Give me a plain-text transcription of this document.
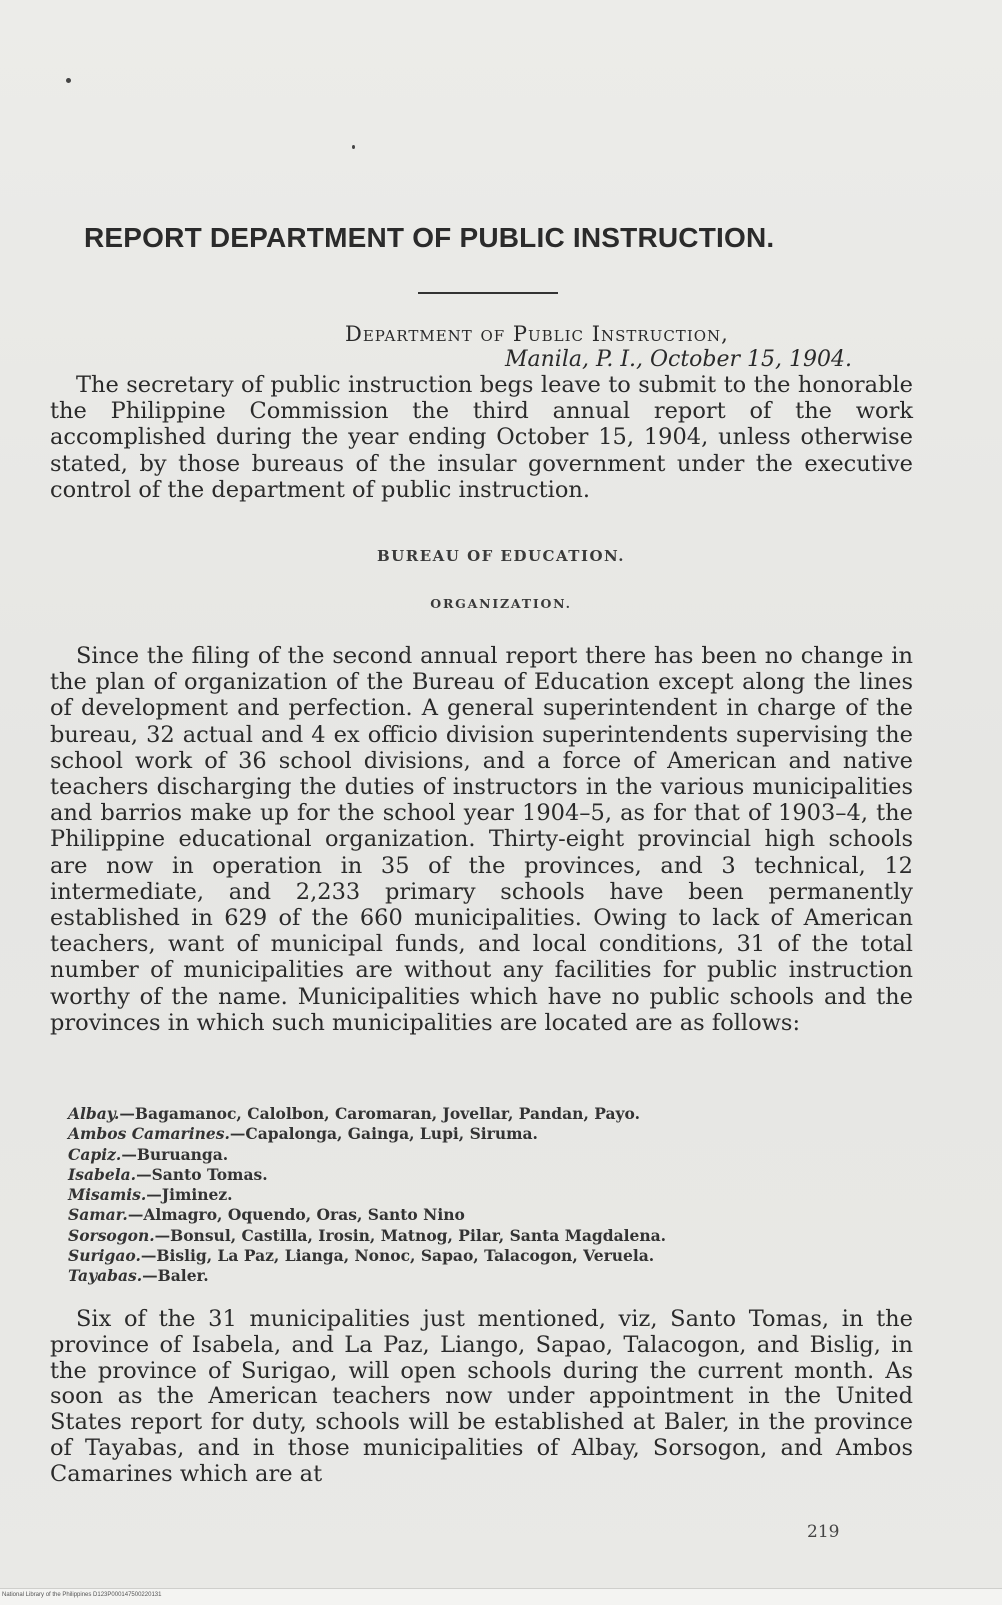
REPORT DEPARTMENT OF PUBLIC INSTRUCTION.
Department of Public Instruction,
Manila, P. I., October 15, 1904.

The secretary of public instruction begs leave to submit to the honorable the Philippine Commission the third annual report of the work accomplished during the year ending October 15, 1904, unless otherwise stated, by those bureaus of the insular government under the executive control of the department of public instruction.

BUREAU OF EDUCATION.
ORGANIZATION.

Since the filing of the second annual report there has been no change in the plan of organization of the Bureau of Education except along the lines of development and perfection. A general superintendent in charge of the bureau, 32 actual and 4 ex officio division superintendents supervising the school work of 36 school divisions, and a force of American and native teachers discharging the duties of instructors in the various municipalities and barrios make up for the school year 1904–5, as for that of 1903–4, the Philippine educational organization. Thirty-eight provincial high schools are now in operation in 35 of the provinces, and 3 technical, 12 intermediate, and 2,233 primary schools have been permanently established in 629 of the 660 municipalities. Owing to lack of American teachers, want of municipal funds, and local conditions, 31 of the total number of municipalities are without any facilities for public instruction worthy of the name. Municipalities which have no public schools and the provinces in which such municipalities are located are as follows:

Albay.—Bagamanoc, Calolbon, Caromaran, Jovellar, Pandan, Payo.
Ambos Camarines.—Capalonga, Gainga, Lupi, Siruma.
Capiz.—Buruanga.
Isabela.—Santo Tomas.
Misamis.—Jiminez.
Samar.—Almagro, Oquendo, Oras, Santo Nino
Sorsogon.—Bonsul, Castilla, Irosin, Matnog, Pilar, Santa Magdalena.
Surigao.—Bislig, La Paz, Lianga, Nonoc, Sapao, Talacogon, Veruela.
Tayabas.—Baler.

Six of the 31 municipalities just mentioned, viz, Santo Tomas, in the province of Isabela, and La Paz, Liango, Sapao, Talacogon, and Bislig, in the province of Surigao, will open schools during the current month. As soon as the American teachers now under appointment in the United States report for duty, schools will be established at Baler, in the province of Tayabas, and in those municipalities of Albay, Sorsogon, and Ambos Camarines which are at

219
National Library of the Philippines D123P000147500220131
